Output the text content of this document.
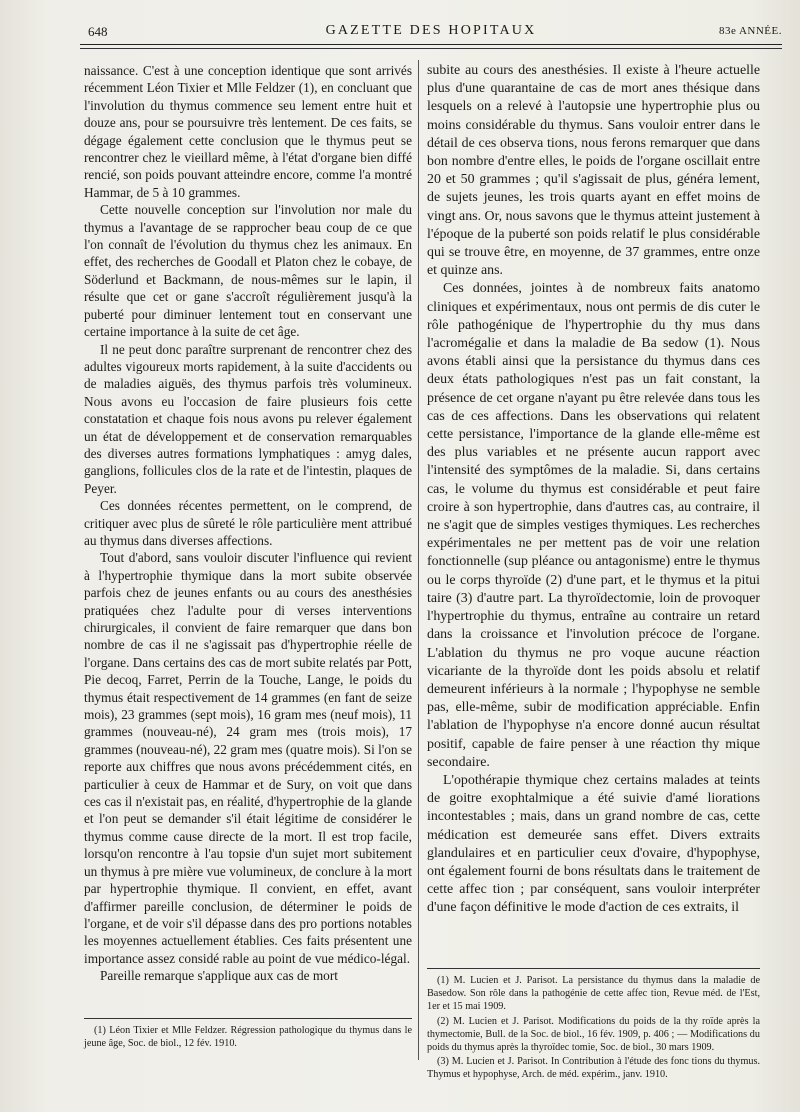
648	GAZETTE DES HOPITAUX	83e ANNÉE.

naissance. C'est à une conception identique que sont arrivés récemment Léon Tixier et Mlle Feldzer (1), en concluant que l'involution du thymus commence seu lement entre huit et douze ans, pour se poursuivre très lentement. De ces faits, se dégage également cette conclusion que le thymus peut se rencontrer chez le vieillard même, à l'état d'organe bien diffé rencié, son poids pouvant atteindre encore, comme l'a montré Hammar, de 5 à 10 grammes.

Cette nouvelle conception sur l'involution nor male du thymus a l'avantage de se rapprocher beau coup de ce que l'on connaît de l'évolution du thymus chez les animaux. En effet, des recherches de Goodall et Platon chez le cobaye, de Söderlund et Backmann, de nous-mêmes sur le lapin, il résulte que cet or gane s'accroît régulièrement jusqu'à la puberté pour diminuer lentement tout en conservant une certaine importance à la suite de cet âge.

Il ne peut donc paraître surprenant de rencontrer chez des adultes vigoureux morts rapidement, à la suite d'accidents ou de maladies aiguës, des thymus parfois très volumineux. Nous avons eu l'occasion de faire plusieurs fois cette constatation et chaque fois nous avons pu relever également un état de développement et de conservation remarquables des diverses autres formations lymphatiques : amyg dales, ganglions, follicules clos de la rate et de l'intestin, plaques de Peyer.

Ces données récentes permettent, on le comprend, de critiquer avec plus de sûreté le rôle particulière ment attribué au thymus dans diverses affections.

Tout d'abord, sans vouloir discuter l'influence qui revient à l'hypertrophie thymique dans la mort subite observée parfois chez de jeunes enfants ou au cours des anesthésies pratiquées chez l'adulte pour di verses interventions chirurgicales, il convient de faire remarquer que dans bon nombre de cas il ne s'agissait pas d'hypertrophie réelle de l'organe. Dans certains des cas de mort subite relatés par Pott, Pie decoq, Farret, Perrin de la Touche, Lange, le poids du thymus était respectivement de 14 grammes (en fant de seize mois), 23 grammes (sept mois), 16 gram mes (neuf mois), 11 grammes (nouveau-né), 24 gram mes (trois mois), 17 grammes (nouveau-né), 22 gram mes (quatre mois). Si l'on se reporte aux chiffres que nous avons précédemment cités, en particulier à ceux de Hammar et de Sury, on voit que dans ces cas il n'existait pas, en réalité, d'hypertrophie de la glande et l'on peut se demander s'il était légitime de considérer le thymus comme cause directe de la mort. Il est trop facile, lorsqu'on rencontre à l'au topsie d'un sujet mort subitement un thymus à pre mière vue volumineux, de conclure à la mort par hypertrophie thymique. Il convient, en effet, avant d'affirmer pareille conclusion, de déterminer le poids de l'organe, et de voir s'il dépasse dans des pro portions notables les moyennes actuellement établies. Ces faits présentent une importance assez considé rable au point de vue médico-légal.

Pareille remarque s'applique aux cas de mort

(1) Léon Tixier et Mlle Feldzer. Régression pathologique du thymus dans le jeune âge, Soc. de biol., 12 fév. 1910.

subite au cours des anesthésies. Il existe à l'heure actuelle plus d'une quarantaine de cas de mort anes thésique dans lesquels on a relevé à l'autopsie une hypertrophie plus ou moins considérable du thymus. Sans vouloir entrer dans le détail de ces observa tions, nous ferons remarquer que dans bon nombre d'entre elles, le poids de l'organe oscillait entre 20 et 50 grammes ; qu'il s'agissait de plus, généra lement, de sujets jeunes, les trois quarts ayant en effet moins de vingt ans. Or, nous savons que le thymus atteint justement à l'époque de la puberté son poids relatif le plus considérable qui se trouve être, en moyenne, de 37 grammes, entre onze et quinze ans.

Ces données, jointes à de nombreux faits anatomo cliniques et expérimentaux, nous ont permis de dis cuter le rôle pathogénique de l'hypertrophie du thy mus dans l'acromégalie et dans la maladie de Ba sedow (1). Nous avons établi ainsi que la persistance du thymus dans ces deux états pathologiques n'est pas un fait constant, la présence de cet organe n'ayant pu être relevée dans tous les cas de ces affections. Dans les observations qui relatent cette persistance, l'importance de la glande elle-même est des plus variables et ne présente aucun rapport avec l'intensité des symptômes de la maladie. Si, dans certains cas, le volume du thymus est considérable et peut faire croire à son hypertrophie, dans d'autres cas, au contraire, il ne s'agit que de simples vestiges thymiques. Les recherches expérimentales ne per mettent pas de voir une relation fonctionnelle (sup pléance ou antagonisme) entre le thymus ou le corps thyroïde (2) d'une part, et le thymus et la pitui taire (3) d'autre part. La thyroïdectomie, loin de provoquer l'hypertrophie du thymus, entraîne au contraire un retard dans la croissance et l'involution précoce de l'organe. L'ablation du thymus ne pro voque aucune réaction vicariante de la thyroïde dont les poids absolu et relatif demeurent inférieurs à la normale ; l'hypophyse ne semble pas, elle-même, subir de modification appréciable. Enfin l'ablation de l'hypophyse n'a encore donné aucun résultat positif, capable de faire penser à une réaction thy mique secondaire.

L'opothérapie thymique chez certains malades at teints de goitre exophtalmique a été suivie d'amé liorations incontestables ; mais, dans un grand nombre de cas, cette médication est demeurée sans effet. Divers extraits glandulaires et en particulier ceux d'ovaire, d'hypophyse, ont également fourni de bons résultats dans le traitement de cette affec tion ; par conséquent, sans vouloir interpréter d'une façon définitive le mode d'action de ces extraits, il

(1) M. Lucien et J. Parisot. La persistance du thymus dans la maladie de Basedow. Son rôle dans la pathogénie de cette affec tion, Revue méd. de l'Est, 1er et 15 mai 1909.

(2) M. Lucien et J. Parisot. Modifications du poids de la thy roïde après la thymectomie, Bull. de la Soc. de biol., 16 fév. 1909, p. 406 ; — Modifications du poids du thymus après la thyroïdec tomie, Soc. de biol., 30 mars 1909.

(3) M. Lucien et J. Parisot. In Contribution à l'étude des fonc tions du thymus. Thymus et hypophyse, Arch. de méd. expérim., janv. 1910.
